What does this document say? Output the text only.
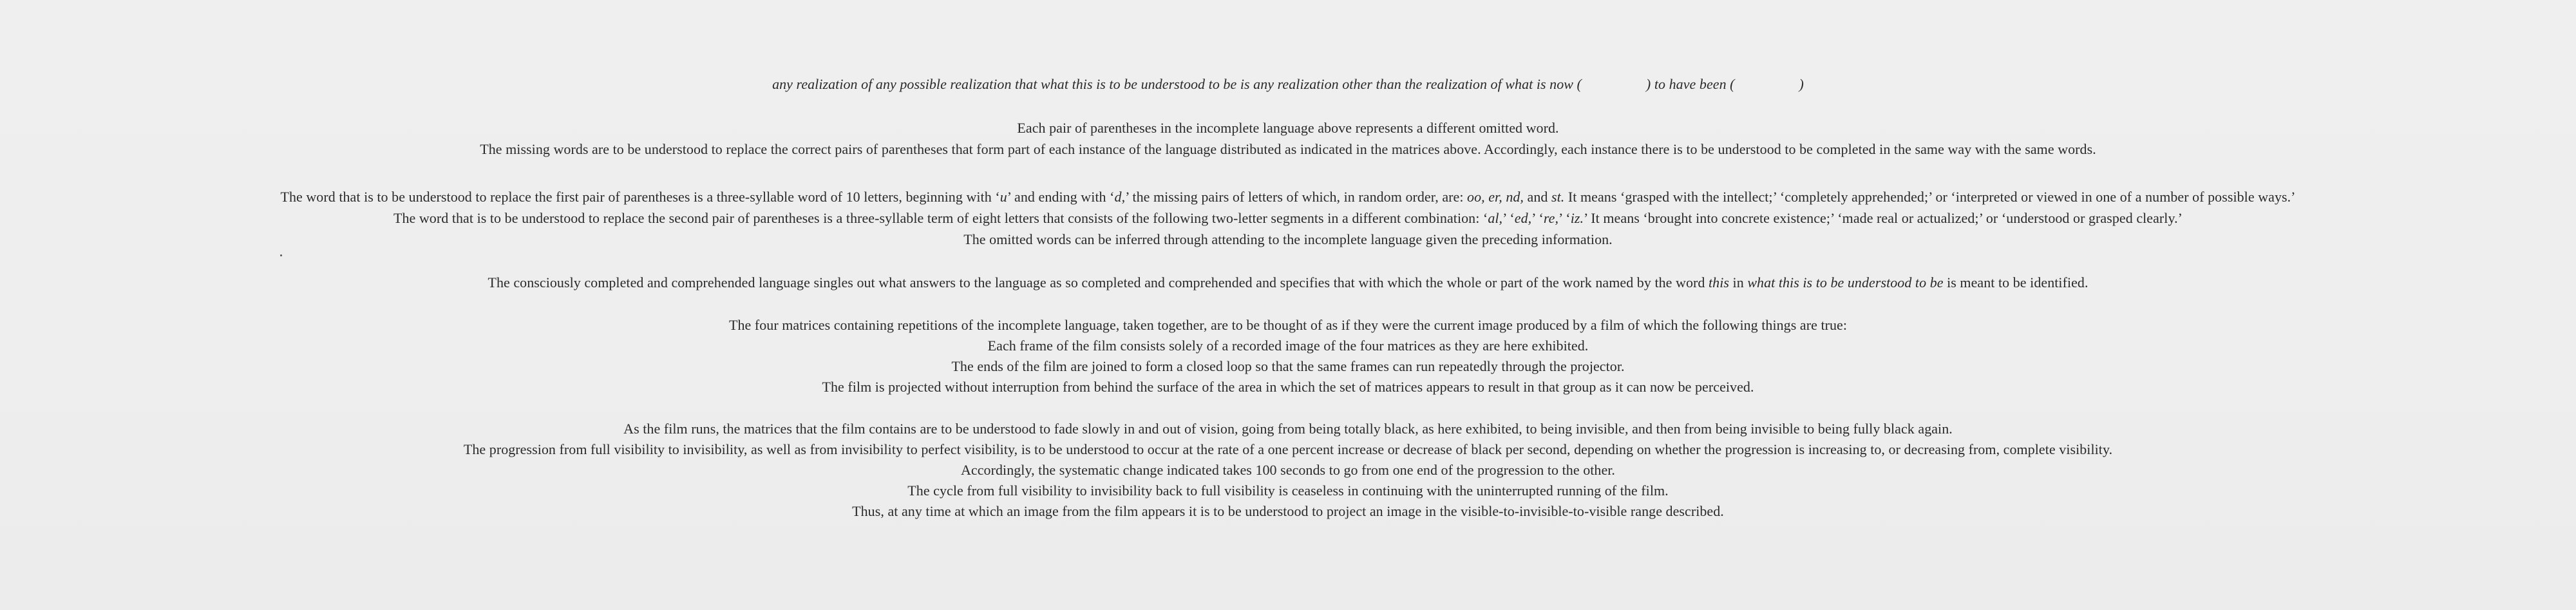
any realization of any possible realization that what this is to be understood to be is any realization other than the realization of what is now (	) to have been (	)
Each pair of parentheses in the incomplete language above represents a different omitted word.
The missing words are to be understood to replace the correct pairs of parentheses that form part of each instance of the language distributed as indicated in the matrices above. Accordingly, each instance there is to be understood to be completed in the same way with the same words.
The word that is to be understood to replace the first pair of parentheses is a three-syllable word of 10 letters, beginning with ‘u’ and ending with ‘d,’ the missing pairs of letters of which, in random order, are: oo, er, nd, and st. It means ‘grasped with the intellect;’ ‘completely apprehended;’ or ‘interpreted or viewed in one of a number of possible ways.’
The word that is to be understood to replace the second pair of parentheses is a three-syllable term of eight letters that consists of the following two-letter segments in a different combination: ‘al,’ ‘ed,’ ‘re,’ ‘iz.’ It means ‘brought into concrete existence;’ ‘made real or actualized;’ or ‘understood or grasped clearly.’
The omitted words can be inferred through attending to the incomplete language given the preceding information.
The consciously completed and comprehended language singles out what answers to the language as so completed and comprehended and specifies that with which the whole or part of the work named by the word this in what this is to be understood to be is meant to be identified.
The four matrices containing repetitions of the incomplete language, taken together, are to be thought of as if they were the current image produced by a film of which the following things are true:
Each frame of the film consists solely of a recorded image of the four matrices as they are here exhibited.
The ends of the film are joined to form a closed loop so that the same frames can run repeatedly through the projector.
The film is projected without interruption from behind the surface of the area in which the set of matrices appears to result in that group as it can now be perceived.
As the film runs, the matrices that the film contains are to be understood to fade slowly in and out of vision, going from being totally black, as here exhibited, to being invisible, and then from being invisible to being fully black again.
The progression from full visibility to invisibility, as well as from invisibility to perfect visibility, is to be understood to occur at the rate of a one percent increase or decrease of black per second, depending on whether the progression is increasing to, or decreasing from, complete visibility.
Accordingly, the systematic change indicated takes 100 seconds to go from one end of the progression to the other.
The cycle from full visibility to invisibility back to full visibility is ceaseless in continuing with the uninterrupted running of the film.
Thus, at any time at which an image from the film appears it is to be understood to project an image in the visible-to-invisible-to-visible range described.
